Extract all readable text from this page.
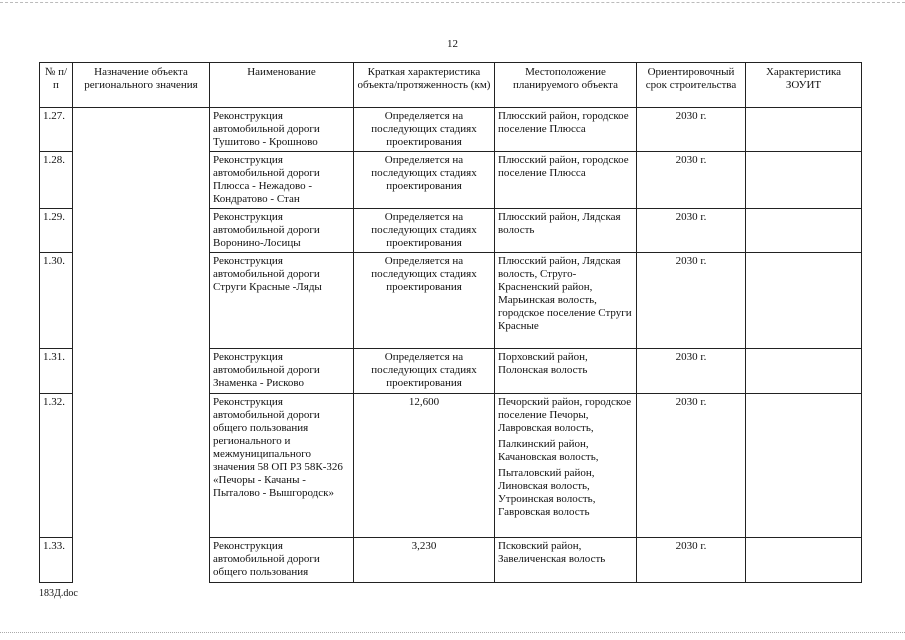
12
№ п/п	Назначение объекта регионального значения	Наименование	Краткая характеристика объекта/протяженность (км)	Местоположение планируемого объекта	Ориентировочный срок строительства	Характеристика ЗОУИТ
1.27.		Реконструкция автомобильной дороги Тушитово - Крошново	Определяется на последующих стадиях проектирования	Плюсский район, городское поселение Плюсса	2030 г.	
1.28.		Реконструкция автомобильной дороги Плюсса - Нежадово - Кондратово - Стан	Определяется на последующих стадиях проектирования	Плюсский район, городское поселение Плюсса	2030 г.	
1.29.		Реконструкция автомобильной дороги Воронино-Лосицы	Определяется на последующих стадиях проектирования	Плюсский район, Лядская волость	2030 г.	
1.30.		Реконструкция автомобильной дороги Струги Красные -Ляды	Определяется на последующих стадиях проектирования	Плюсский район, Лядская волость, Струго-Красненский район, Марьинская волость, городское поселение Струги Красные	2030 г.	
1.31.		Реконструкция автомобильной дороги Знаменка - Рисково	Определяется на последующих стадиях проектирования	Порховский район, Полонская волость	2030 г.	
1.32.		Реконструкция автомобильной дороги общего пользования регионального и межмуниципального значения 58 ОП Р3 58К-326 «Печоры - Качаны - Пыталово - Вышгородск»	12,600	Печорский район, городское поселение Печоры, Лавровская волость,
Палкинский район, Качановская волость,
Пыталовский район, Линовская волость, Утроинская волость, Гавровская волость	2030 г.	
1.33.		Реконструкция автомобильной дороги общего пользования	3,230	Псковский район, Завеличенская волость	2030 г.	
183Д.doc
